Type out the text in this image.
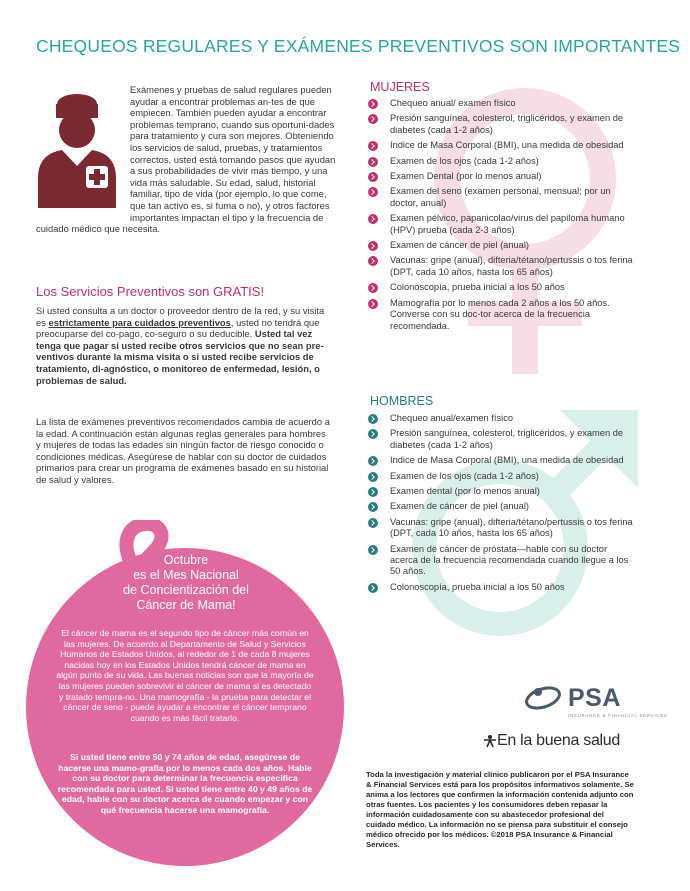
CHEQUEOS REGULARES Y EXÁMENES PREVENTIVOS SON IMPORTANTES
Exámenes y pruebas de salud regulares pueden ayudar a encontrar problemas an-tes de que empiecen. También pueden ayudar a encontrar problemas temprano, cuando sus oportuni-dades para tratamiento y cura son mejores. Obteniendo los servicios de salud, pruebas, y tratamientos correctos, usted está tomando pasos que ayudan a sus probabilidades de vivir más tiempo, y una vida más saludable. Su edad, salud, historial familiar, tipo de vida (por ejemplo, lo que come, que tan activo es, si fuma o no), y otros factores importantes impactan el tipo y la frecuencia de cuidado médico que necesita.
Los Servicios Preventivos son GRATIS!
Si usted consulta a un doctor o proveedor dentro de la red, y su visita es estrictamente para cuidados preventivos, usted no tendrá que preocuparse del co-pago, co-seguro o su deducible. Usted tal vez tenga que pagar si usted recibe otros servicios que no sean pre-ventivos durante la misma visita o si usted recibe servicios de tratamiento, di-agnóstico, o monitoreo de enfermedad, lesión, o problemas de salud.
La lista de exámenes preventivos recomendados cambia de acuerdo a la edad. A continuación están algunas reglas generales para hombres y mujeres de todas las edades sin ningún factor de riesgo conocido o condiciones médicas. Asegúrese de hablar con su doctor de cuidados primarios para crear un programa de exámenes basado en su historial de salud y valores.
MUJERES
Chequeo anual/ examen físico
Presión sanguínea, colesterol, triglicéridos, y examen de diabetes (cada 1-2 años)
Indice de Masa Corporal (BMI), una medida de obesidad
Examen de los ojos (cada 1-2 años)
Examen Dental (por lo menos anual)
Examen del seno (examen personal, mensual; por un doctor, anual)
Examen pélvico, papanicolao/virus del papiloma humano (HPV) prueba (cada 2-3 años)
Examen de cáncer de piel (anual)
Vacunas: gripe (anual), difteria/tétano/pertussis o tos ferina (DPT, cada 10 años, hasta los 65 años)
Colonoscopía, prueba inicial a los 50 años
Mamografía por lo menos cada 2 años a los 50 años. Converse con su doc-tor acerca de la frecuencia recomendada.
HOMBRES
Chequeo anual/examen físico
Presión sanguínea, colesterol, triglicéridos, y examen de diabetes (cada 1-2 años)
Indice de Masa Corporal (BMI), una medida de obesidad
Examen de los ojos (cada 1-2 años)
Examen dental (por lo menos anual)
Examen de cáncer de piel (anual)
Vacunas: gripe (anual), difteria/tétano/pertussis o tos ferina (DPT, cada 10 años, hasta los 65 años)
Examen de cáncer de próstata—hable con su doctor acerca de la frecuencia recomendada cuando llegue a los 50 años.
Colonoscopía, prueba inicial a los 50 años
Octubre
es el Mes Nacional
de Concientización del
Cáncer de Mama!
El cáncer de mama es el segundo tipo de cáncer más común en las mujeres. De acuerdo al Departamento de Salud y Servicios Humanos de Estados Unidos, al rededor de 1 de cada 8 mujeres nacidas hoy en los Estados Unidos tendrá cáncer de mama en algún punto de su vida. Las buenas noticias son que la mayoría de las mujeres pueden sobrevivir el cáncer de mama si es detectado y tratado tempra-no. Una mamografía - la prueba para detectar el cáncer de seno - puede ayudar a encontrar el cáncer temprano cuando es más fácil tratarlo.
Si usted tiene entre 50 y 74 años de edad, asegúrese de hacerse una mamo-grafía por lo menos cada dos años. Hable con su doctor para determinar la frecuencia especifica recomendada para usted. Si usted tiene entre 40 y 49 años de edad, hable con su doctor acerca de cuando empezar y con qué frecuencia hacerse una mamografía.
PSA
INSURANCE & FINANCIAL SERVICES
En la buena salud
Toda la investigación y material clínico publicaron por el PSA Insurance & Financial Services está para los propósitos informativos solamente. Se anima a los lectores que confirmen la información contenida adjunto con otras fuentes. Los pacientes y los consumidores deben repasar la información cuidadosamente con su abastecedor profesional del cuidado médico. La información no se piensa para substituir el consejo médico ofrecido por los médicos. ©2018 PSA Insurance & Financial Services.
